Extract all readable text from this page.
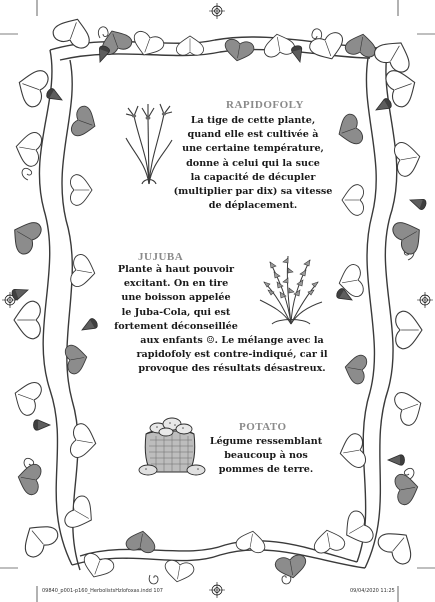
RAPIDOFOLY
La tige de cette plante,
quand elle est cultivée à
une certaine température,
donne à celui qui la suce
la capacité de décupler
(multiplier par dix) sa vitesse
de déplacement.
JUJUBA
Plante à haut pouvoir
excitant. On en tire
une boisson appelée
le Juba-Cola, qui est
fortement déconseillée
aux enfants ☺. Le mélange avec la
rapidofoly est contre-indiqué, car il
provoque des résultats désastreux.
POTATO
Légume ressemblant
beaucoup à nos
pommes de terre.
09840_p001-p160_HerbolistsHzlofoxas.indd 107	09/04/2020 11:25
